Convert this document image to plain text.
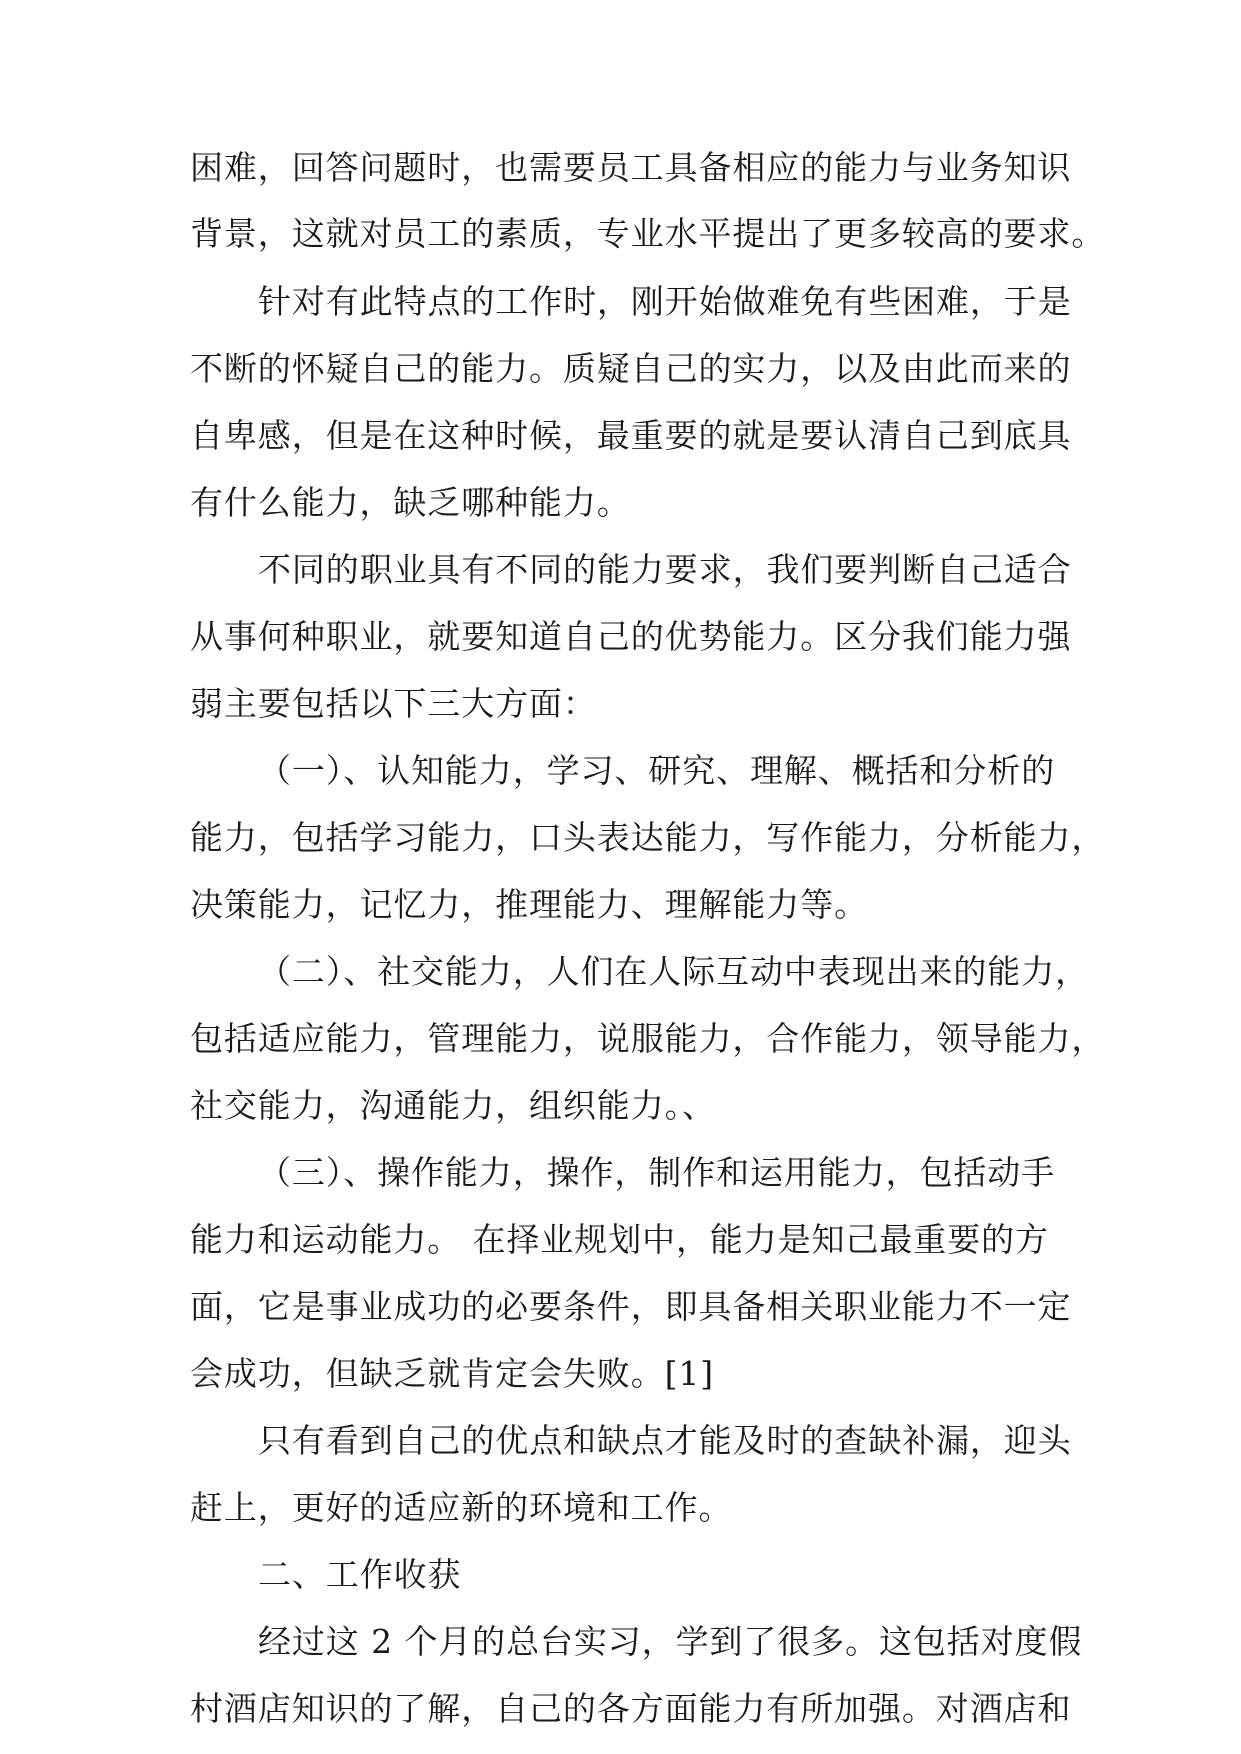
困难，回答问题时，也需要员工具备相应的能力与业务知识
背景，这就对员工的素质，专业水平提出了更多较高的要求。
针对有此特点的工作时，刚开始做难免有些困难，于是
不断的怀疑自己的能力。质疑自己的实力，以及由此而来的
自卑感，但是在这种时候，最重要的就是要认清自己到底具
有什么能力，缺乏哪种能力。
不同的职业具有不同的能力要求，我们要判断自己适合
从事何种职业，就要知道自己的优势能力。区分我们能力强
弱主要包括以下三大方面：
（一）、认知能力，学习、研究、理解、概括和分析的
能力，包括学习能力，口头表达能力，写作能力，分析能力，
决策能力，记忆力，推理能力、理解能力等。
（二）、社交能力，人们在人际互动中表现出来的能力，
包括适应能力，管理能力，说服能力，合作能力，领导能力，
社交能力，沟通能力，组织能力。、
（三）、操作能力，操作，制作和运用能力，包括动手
能力和运动能力。 在择业规划中，能力是知己最重要的方
面，它是事业成功的必要条件，即具备相关职业能力不一定
会成功，但缺乏就肯定会失败。[1]
只有看到自己的优点和缺点才能及时的查缺补漏，迎头
赶上，更好的适应新的环境和工作。
二、工作收获
经过这 2 个月的总台实习，学到了很多。这包括对度假
村酒店知识的了解，自己的各方面能力有所加强。对酒店和
